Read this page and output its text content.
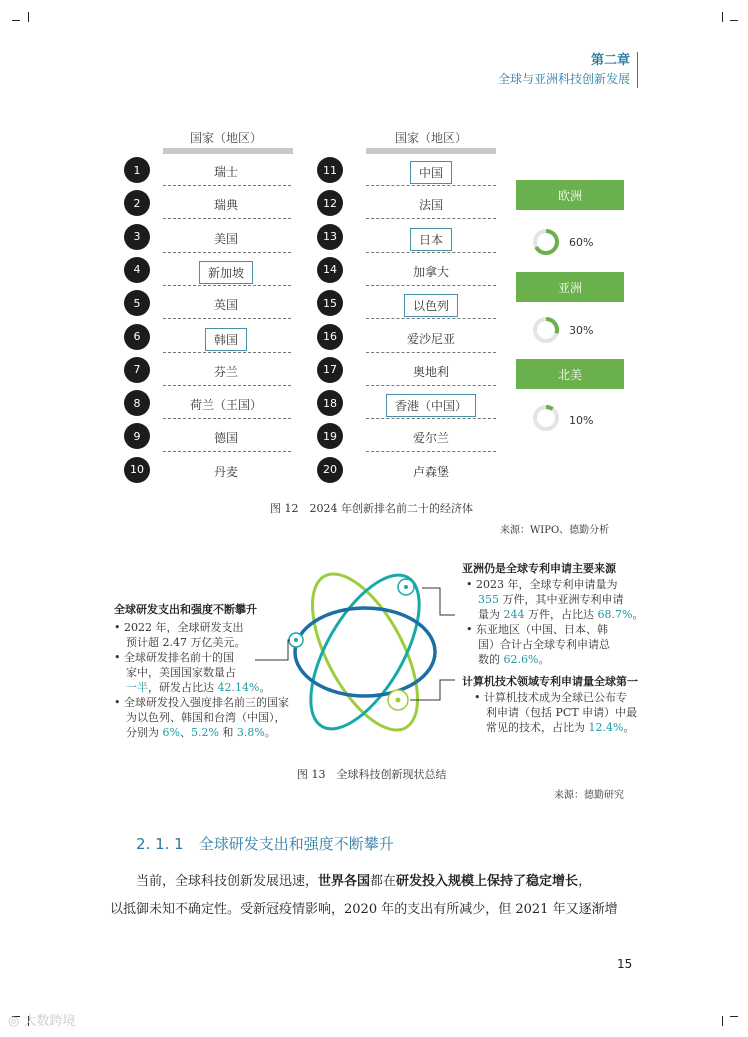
第二章
全球与亚洲科技创新发展
国家（地区）
1	瑞士
2	瑞典
3	美国
4	新加坡
5	英国
6	韩国
7	芬兰
8	荷兰（王国）
9	德国
10	丹麦
国家（地区）
11	中国
12	法国
13	日本
14	加拿大
15	以色列
16	爱沙尼亚
17	奥地利
18	香港（中国）
19	爱尔兰
20	卢森堡
欧洲
亚洲
北美
60%
30%
10%
图 12　2024 年创新排名前二十的经济体
来源：WIPO、德勤分析
全球研发支出和强度不断攀升

• 2022 年，全球研发支出

预计超 2.47 万亿美元。

• 全球研发排名前十的国

家中，美国国家数量占

一半，研发占比达 42.14%。

• 全球研发投入强度排名前三的国家

为以色列、韩国和台湾（中国），

分别为 6%、5.2% 和 3.8%。

亚洲仍是全球专利申请主要来源

• 2023 年，全球专利申请量为

355 万件，其中亚洲专利申请

量为 244 万件，占比达 68.7%。

• 东亚地区（中国、日本、韩

国）合计占全球专利申请总

数的 62.6%。

计算机技术领域专利申请量全球第一

• 计算机技术成为全球已公布专

利申请（包括 PCT 申请）中最

常见的技术，占比为 12.4%。

图 13　全球科技创新现状总结
来源：德勤研究
2. 1. 1　全球研发支出和强度不断攀升
当前，全球科技创新发展迅速，世界各国都在研发投入规模上保持了稳定增长，
以抵御未知不确定性。受新冠疫情影响，2020 年的支出有所减少，但 2021 年又逐渐增
15
◎ 大数跨境
